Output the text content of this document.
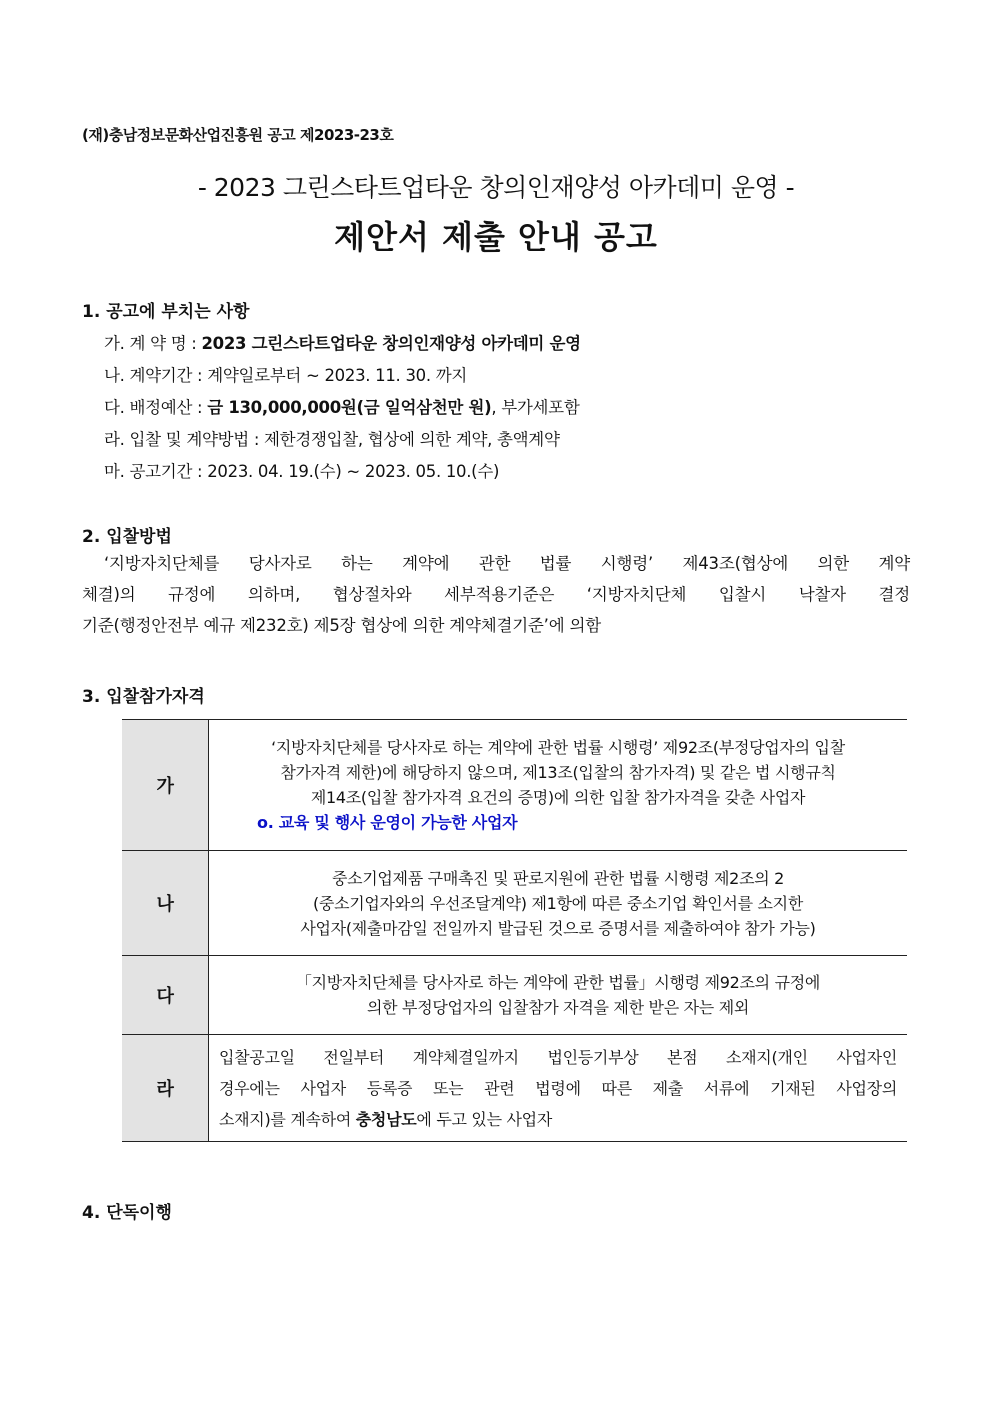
(재)충남정보문화산업진흥원 공고 제2023-23호
- 2023 그린스타트업타운 창의인재양성 아카데미 운영 -
제안서 제출 안내 공고
1. 공고에 부치는 사항
가. 계 약 명 : 2023 그린스타트업타운 창의인재양성 아카데미 운영
나. 계약기간 : 계약일로부터 ~ 2023. 11. 30. 까지
다. 배정예산 : 금 130,000,000원(금 일억삼천만 원), 부가세포함
라. 입찰 및 계약방법 : 제한경쟁입찰, 협상에 의한 계약, 총액계약
마. 공고기간 : 2023. 04. 19.(수) ~ 2023. 05. 10.(수)
2. 입찰방법
‘지방자치단체를 당사자로 하는 계약에 관한 법률 시행령’ 제43조(협상에 의한 계약
체결)의 규정에 의하며, 협상절차와 세부적용기준은 ‘지방자치단체 입찰시 낙찰자 결정
기준(행정안전부 예규 제232호) 제5장 협상에 의한 계약체결기준’에 의함
3. 입찰참가자격
가	‘지방자치단체를 당사자로 하는 계약에 관한 법률 시행령’ 제92조(부정당업자의 입찰
참가자격 제한)에 해당하지 않으며, 제13조(입찰의 참가자격) 및 같은 법 시행규칙
제14조(입찰 참가자격 요건의 증명)에 의한 입찰 참가자격을 갖춘 사업자
o. 교육 및 행사 운영이 가능한 사업자

나	중소기업제품 구매촉진 및 판로지원에 관한 법률 시행령 제2조의 2
(중소기업자와의 우선조달계약) 제1항에 따른 중소기업 확인서를 소지한
사업자(제출마감일 전일까지 발급된 것으로 증명서를 제출하여야 참가 가능)

다	「지방자치단체를 당사자로 하는 계약에 관한 법률」시행령 제92조의 규정에
의한 부정당업자의 입찰참가 자격을 제한 받은 자는 제외

라	입찰공고일 전일부터 계약체결일까지 법인등기부상 본점 소재지(개인 사업자인
경우에는 사업자 등록증 또는 관련 법령에 따른 제출 서류에 기재된 사업장의
소재지)를 계속하여 충청남도에 두고 있는 사업자
4. 단독이행
